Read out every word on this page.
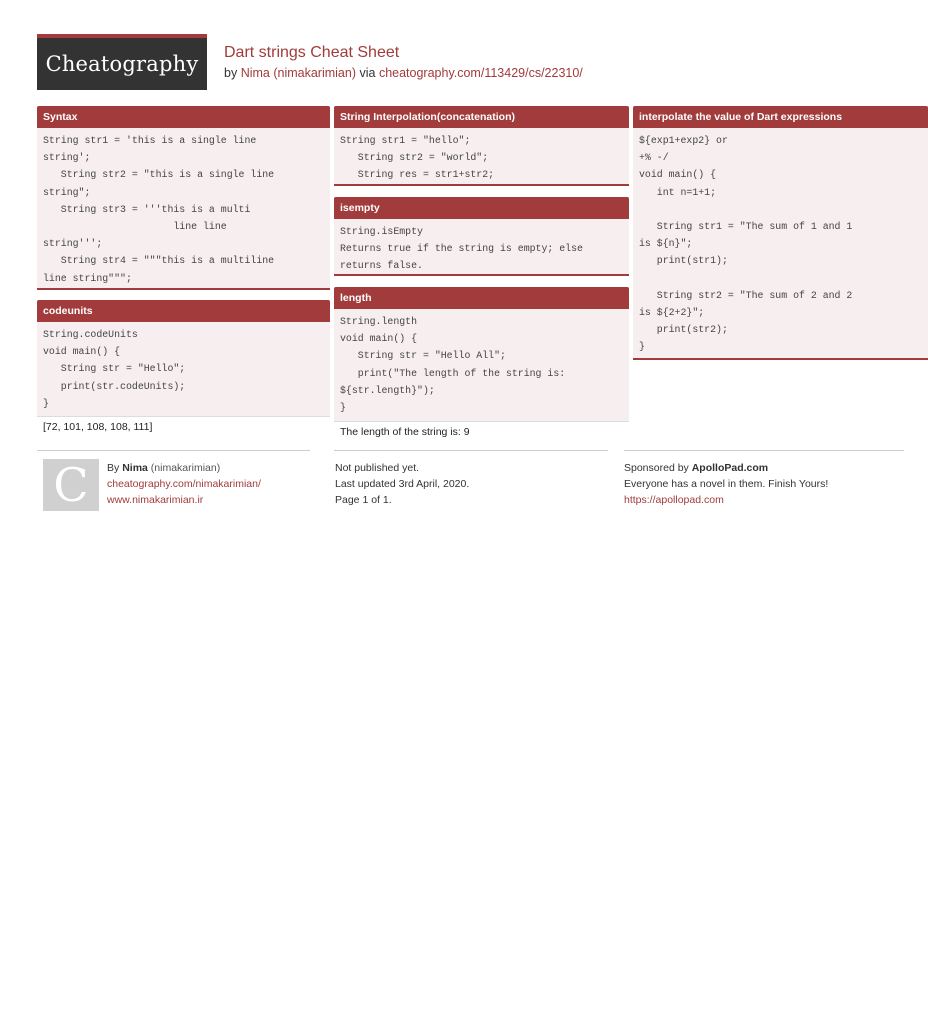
Cheatography	Dart strings Cheat Sheet
by Nima (nimakarimian) via cheatography.com/113429/cs/22310/
Syntax
String str1 = 'this is a single line
string';
String str2 = "this is a single line
string";
String str3 = '''this is a multi
line line
string''';
String str4 = """this is a multiline
line string""";
codeunits
String.codeUnits
void main() {
String str = "Hello";
print(str.codeUnits);
}
[72, 101, 108, 108, 111]
String Interpolation(concatenation)
String str1 = "hello";
String str2 = "world";
String res = str1+str2;
isempty
String.isEmpty
Returns true if the string is empty; else
returns false.
length
String.length
void main() {
String str = "Hello All";
print("The length of the string is:
${str.length}");
}
The length of the string is: 9
interpolate the value of Dart expressions
${exp1+exp2} or
+% -/
void main() {
int n=1+1;

String str1 = "The sum of 1 and 1
is ${n}";
print(str1);

String str2 = "The sum of 2 and 2
is ${2+2}";
print(str2);
}
C	By Nima (nimakarimian)
cheatography.com/nimakarimian/
www.nimakarimian.ir
Not published yet.
Last updated 3rd April, 2020.
Page 1 of 1.
Sponsored by ApolloPad.com
Everyone has a novel in them. Finish Yours!
https://apollopad.com
